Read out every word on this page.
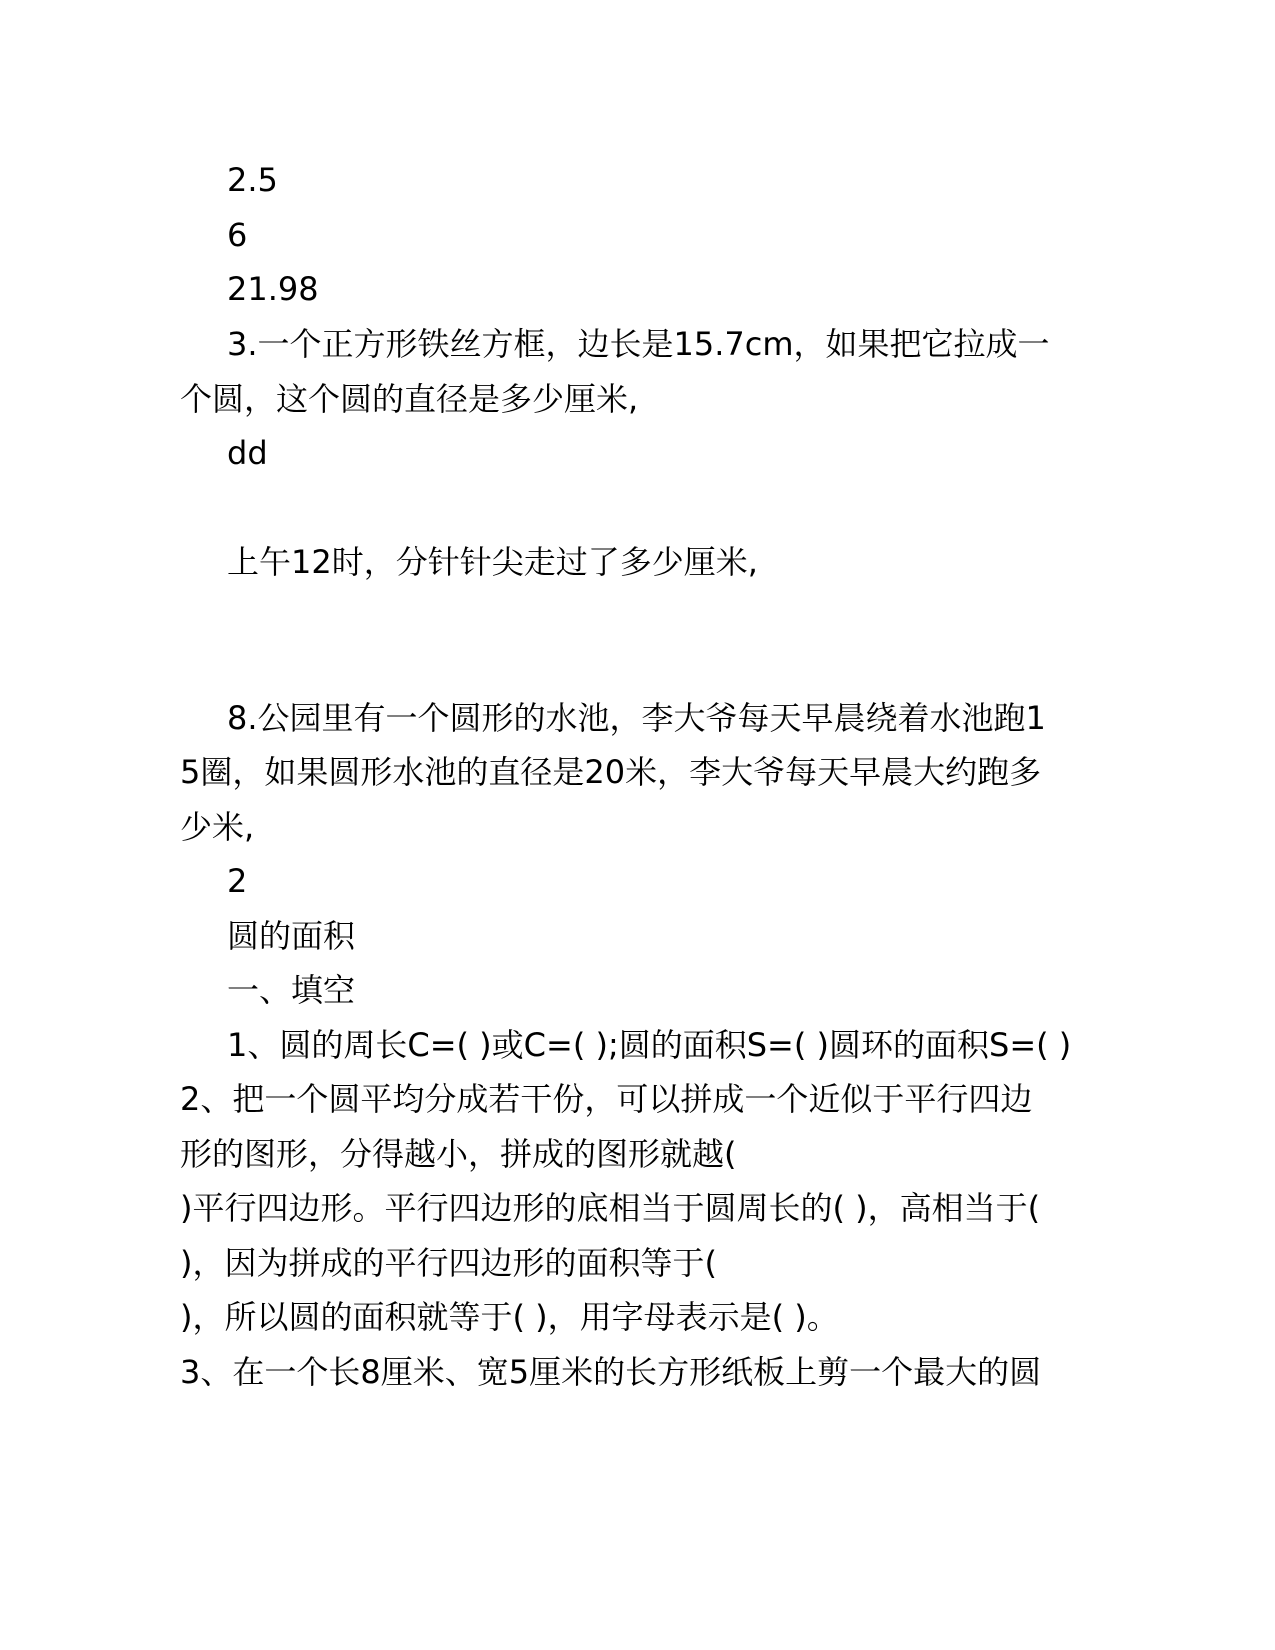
2.5
6
21.98
3.一个正方形铁丝方框，边长是15.7cm，如果把它拉成一
个圆，这个圆的直径是多少厘米,
dd
上午12时，分针针尖走过了多少厘米,
8.公园里有一个圆形的水池，李大爷每天早晨绕着水池跑1
5圈，如果圆形水池的直径是20米，李大爷每天早晨大约跑多
少米,
2
圆的面积
一、填空
1、圆的周长C=( )或C=( );圆的面积S=( )圆环的面积S=( )
2、把一个圆平均分成若干份，可以拼成一个近似于平行四边
形的图形，分得越小，拼成的图形就越(
)平行四边形。平行四边形的底相当于圆周长的( )，高相当于(
)，因为拼成的平行四边形的面积等于(
)，所以圆的面积就等于( )，用字母表示是( )。
3、在一个长8厘米、宽5厘米的长方形纸板上剪一个最大的圆
